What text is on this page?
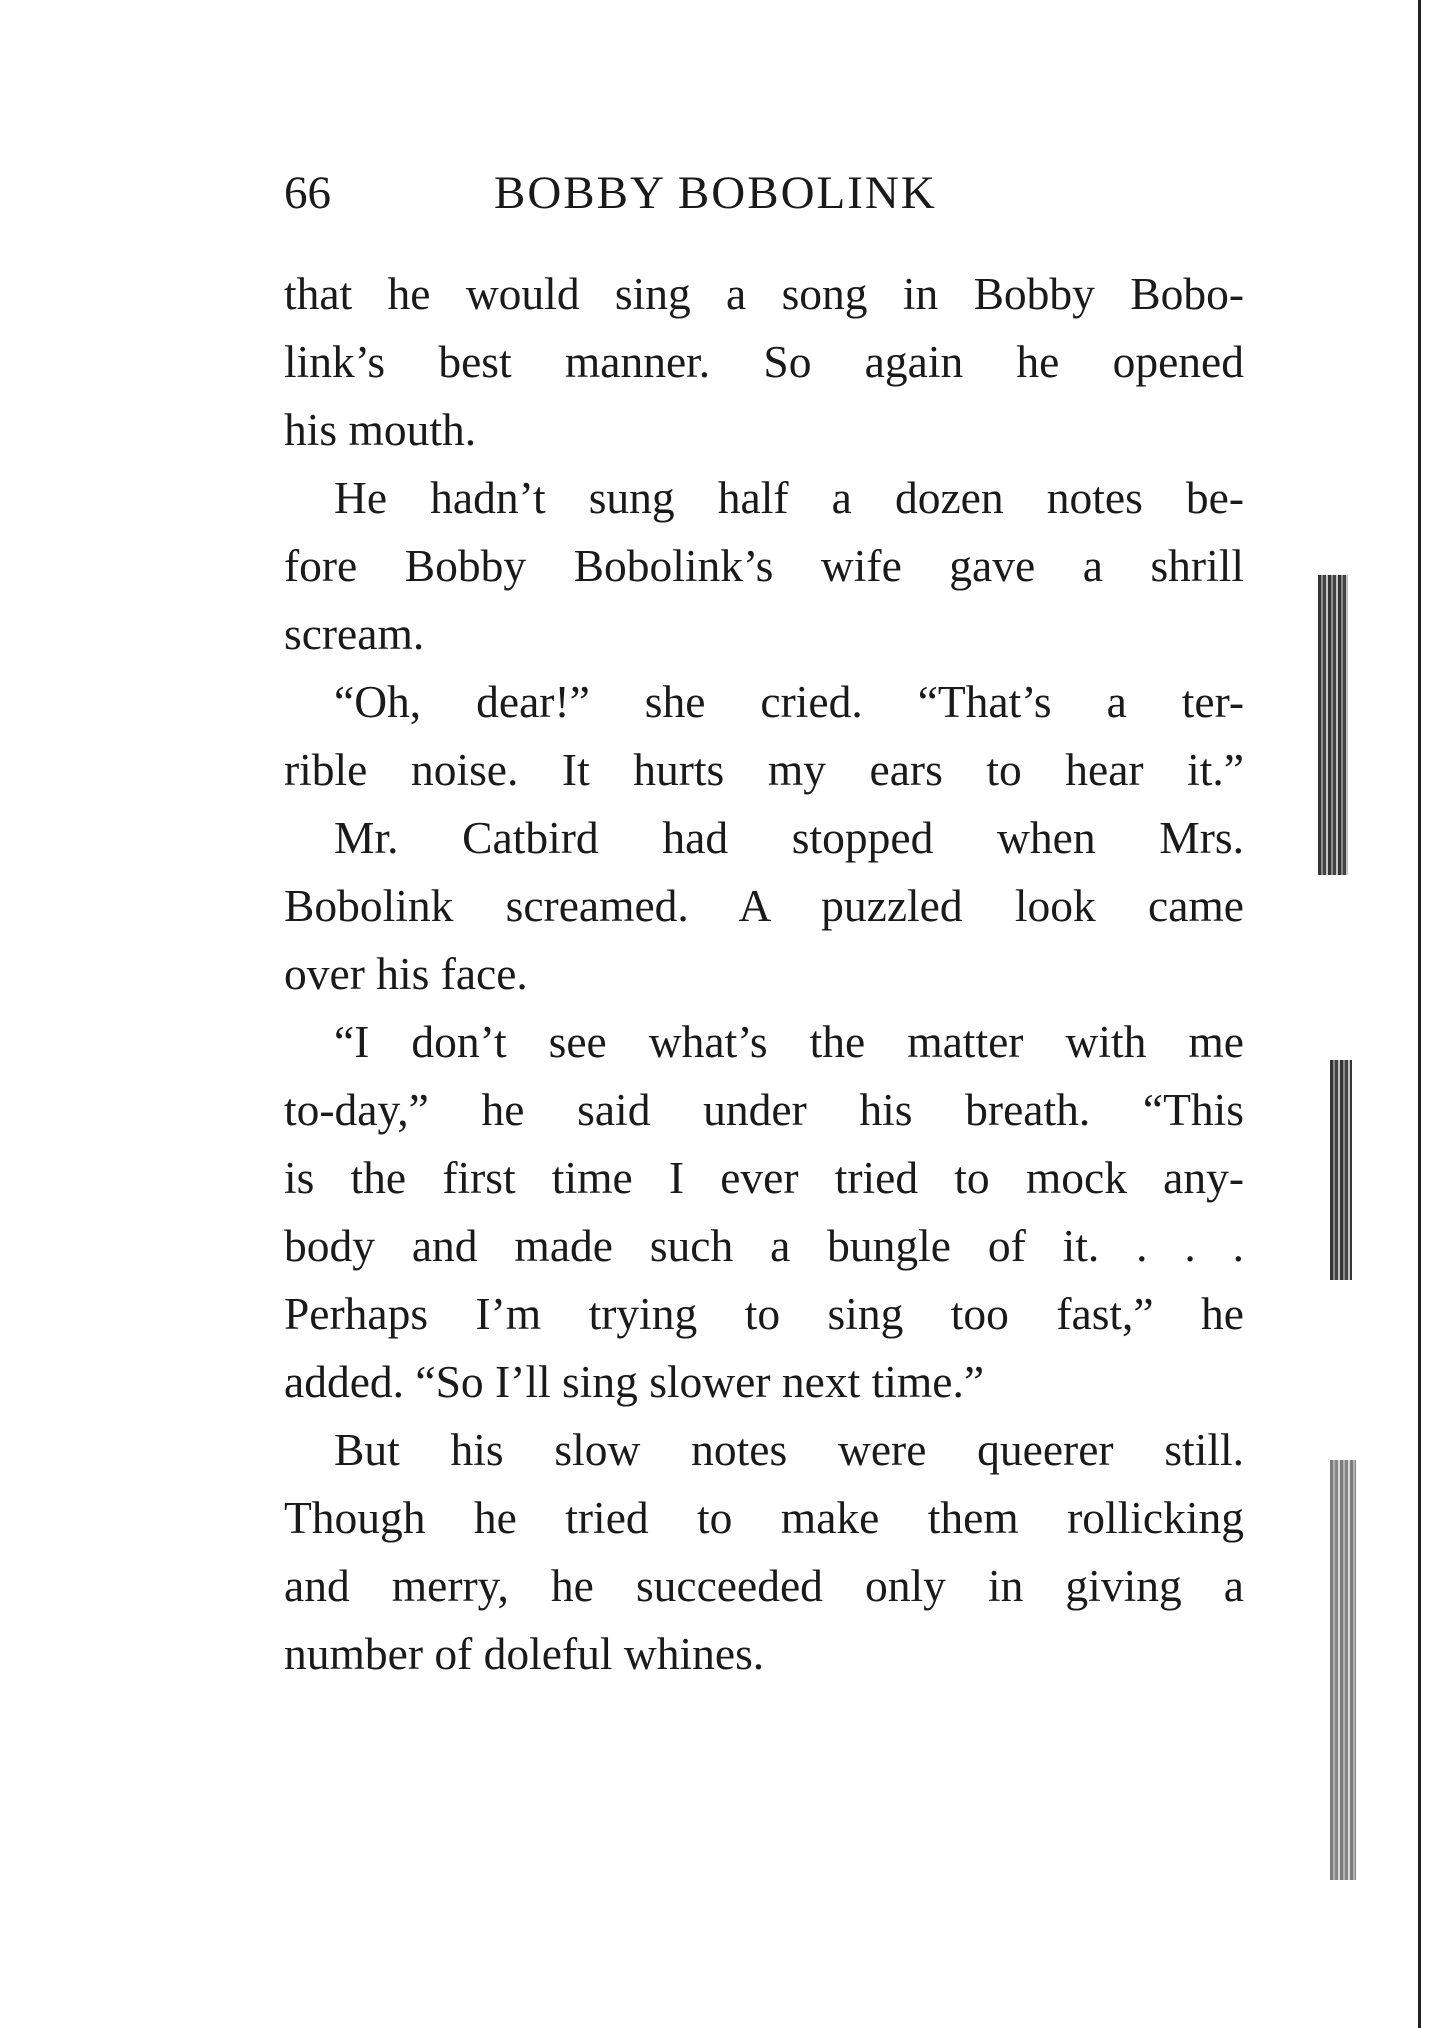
66	BOBBY BOBOLINK

that he would sing a song in Bobby Bobo-
link’s best manner. So again he opened
his mouth.

He hadn’t sung half a dozen notes be-
fore Bobby Bobolink’s wife gave a shrill
scream.

“Oh, dear!” she cried. “That’s a ter-
rible noise. It hurts my ears to hear it.”

Mr. Catbird had stopped when Mrs.
Bobolink screamed. A puzzled look came
over his face.

“I don’t see what’s the matter with me
to-day,” he said under his breath. “This
is the first time I ever tried to mock any-
body and made such a bungle of it. . . .
Perhaps I’m trying to sing too fast,” he
added. “So I’ll sing slower next time.”

But his slow notes were queerer still.
Though he tried to make them rollicking
and merry, he succeeded only in giving a
number of doleful whines.
